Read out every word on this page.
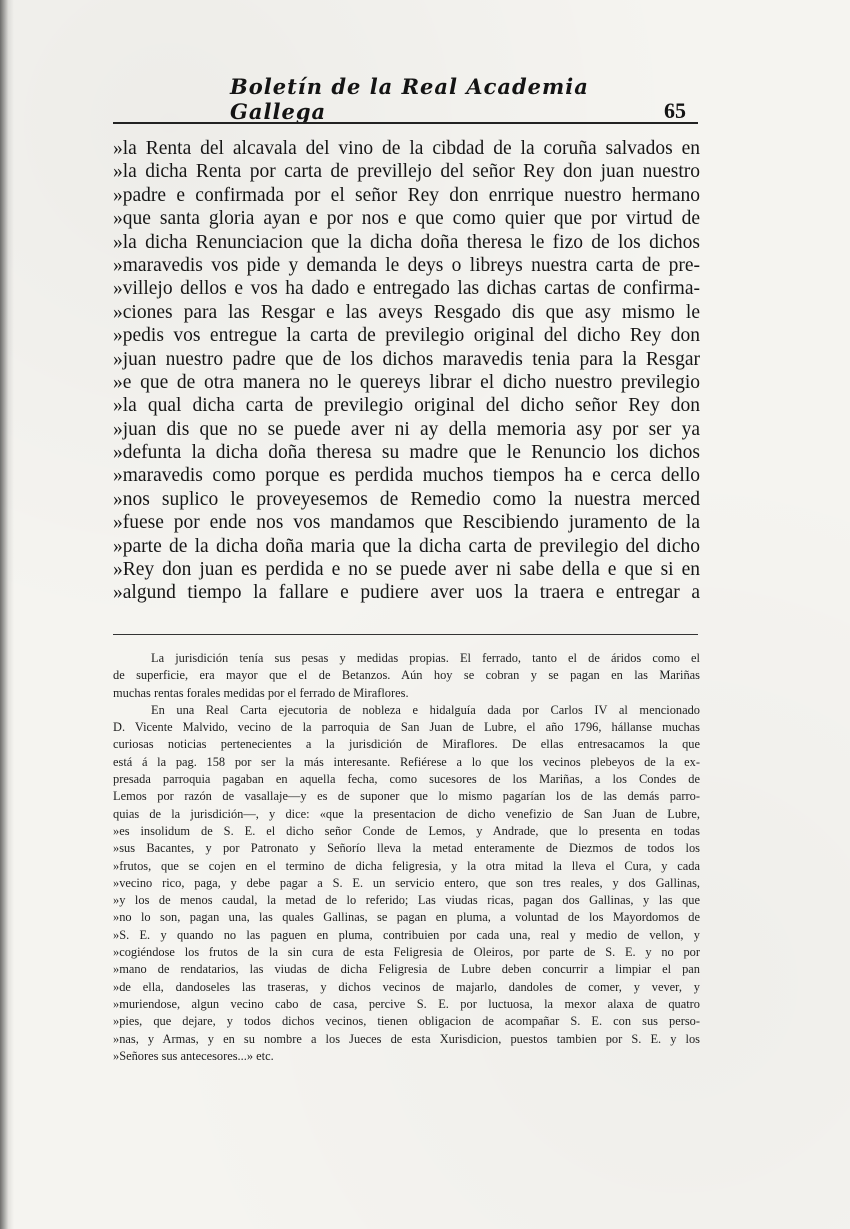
Boletín de la Real Academia Gallega	65
»la Renta del alcavala del vino de la cibdad de la coruña salvados en
»la dicha Renta por carta de previllejo del señor Rey don juan nuestro
»padre e confirmada por el señor Rey don enrrique nuestro hermano
»que santa gloria ayan e por nos e que como quier que por virtud de
»la dicha Renunciacion que la dicha doña theresa le fizo de los dichos
»maravedis vos pide y demanda le deys o libreys nuestra carta de pre-
»villejo dellos e vos ha dado e entregado las dichas cartas de confirma-
»ciones para las Resgar e las aveys Resgado dis que asy mismo le
»pedis vos entregue la carta de previlegio original del dicho Rey don
»juan nuestro padre que de los dichos maravedis tenia para la Resgar
»e que de otra manera no le quereys librar el dicho nuestro previlegio
»la qual dicha carta de previlegio original del dicho señor Rey don
»juan dis que no se puede aver ni ay della memoria asy por ser ya
»defunta la dicha doña theresa su madre que le Renuncio los dichos
»maravedis como porque es perdida muchos tiempos ha e cerca dello
»nos suplico le proveyesemos de Remedio como la nuestra merced
»fuese por ende nos vos mandamos que Rescibiendo juramento de la
»parte de la dicha doña maria que la dicha carta de previlegio del dicho
»Rey don juan es perdida e no se puede aver ni sabe della e que si en
»algund tiempo la fallare e pudiere aver uos la traera e entregar a
La jurisdición tenía sus pesas y medidas propias. El ferrado, tanto el de áridos como el
de superficie, era mayor que el de Betanzos. Aún hoy se cobran y se pagan en las Mariñas
muchas rentas forales medidas por el ferrado de Miraflores.
En una Real Carta ejecutoria de nobleza e hidalguía dada por Carlos IV al mencionado
D. Vicente Malvido, vecino de la parroquia de San Juan de Lubre, el año 1796, hállanse muchas
curiosas noticias pertenecientes a la jurisdición de Miraflores. De ellas entresacamos la que
está á la pag. 158 por ser la más interesante. Refiérese a lo que los vecinos plebeyos de la ex-
presada parroquia pagaban en aquella fecha, como sucesores de los Mariñas, a los Condes de
Lemos por razón de vasallaje—y es de suponer que lo mismo pagarían los de las demás parro-
quias de la jurisdición—, y dice: «que la presentacion de dicho venefizio de San Juan de Lubre,
»es insolidum de S. E. el dicho señor Conde de Lemos, y Andrade, que lo presenta en todas
»sus Bacantes, y por Patronato y Señorío lleva la metad enteramente de Diezmos de todos los
»frutos, que se cojen en el termino de dicha feligresia, y la otra mitad la lleva el Cura, y cada
»vecino rico, paga, y debe pagar a S. E. un servicio entero, que son tres reales, y dos Gallinas,
»y los de menos caudal, la metad de lo referido; Las viudas ricas, pagan dos Gallinas, y las que
»no lo son, pagan una, las quales Gallinas, se pagan en pluma, a voluntad de los Mayordomos de
»S. E. y quando no las paguen en pluma, contribuien por cada una, real y medio de vellon, y
»cogiéndose los frutos de la sin cura de esta Feligresia de Oleiros, por parte de S. E. y no por
»mano de rendatarios, las viudas de dicha Feligresia de Lubre deben concurrir a limpiar el pan
»de ella, dandoseles las traseras, y dichos vecinos de majarlo, dandoles de comer, y vever, y
»muriendose, algun vecino cabo de casa, percive S. E. por luctuosa, la mexor alaxa de quatro
»pies, que dejare, y todos dichos vecinos, tienen obligacion de acompañar S. E. con sus perso-
»nas, y Armas, y en su nombre a los Jueces de esta Xurisdicion, puestos tambien por S. E. y los
»Señores sus antecesores...» etc.
